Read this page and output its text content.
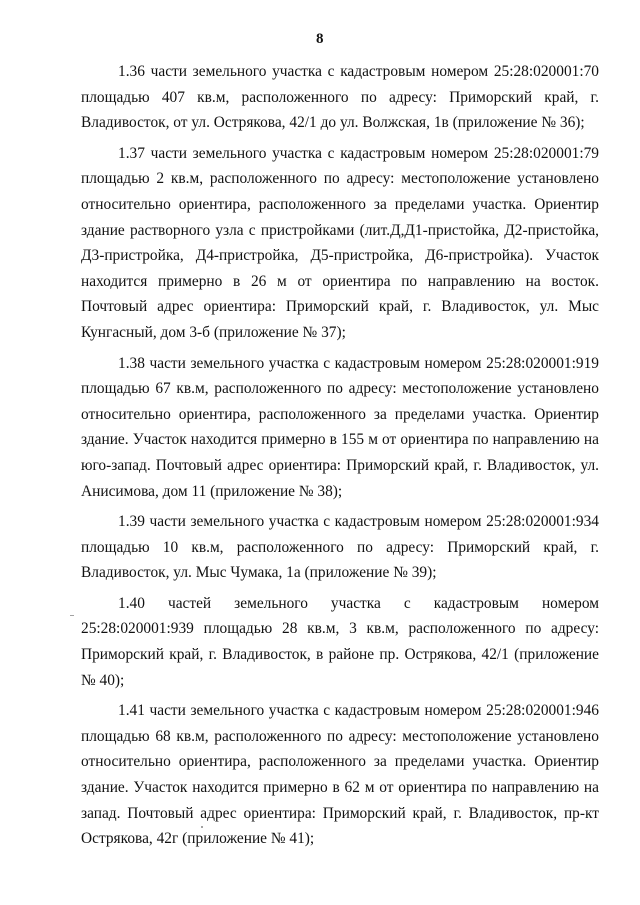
8

1.36 части земельного участка с кадастровым номером 25:28:020001:70 площадью 407 кв.м, расположенного по адресу: Приморский край, г. Владивосток, от ул. Острякова, 42/1 до ул. Волжская, 1в (приложение № 36);

1.37 части земельного участка с кадастровым номером 25:28:020001:79 площадью 2 кв.м, расположенного по адресу: местоположение установлено относительно ориентира, расположенного за пределами участка. Ориентир здание растворного узла с пристройками (лит.Д,Д1-пристойка, Д2-пристойка, Д3-пристройка, Д4-пристройка, Д5-пристройка, Д6-пристройка). Участок находится примерно в 26 м от ориентира по направлению на восток. Почтовый адрес ориентира: Приморский край, г. Владивосток, ул. Мыс Кунгасный, дом 3-б (приложение № 37);

1.38 части земельного участка с кадастровым номером 25:28:020001:919 площадью 67 кв.м, расположенного по адресу: местоположение установлено относительно ориентира, расположенного за пределами участка. Ориентир здание. Участок находится примерно в 155 м от ориентира по направлению на юго-запад. Почтовый адрес ориентира: Приморский край, г. Владивосток, ул. Анисимова, дом 11 (приложение № 38);

1.39 части земельного участка с кадастровым номером 25:28:020001:934 площадью 10 кв.м, расположенного по адресу: Приморский край, г. Владивосток, ул. Мыс Чумака, 1а (приложение № 39);

1.40 частей земельного участка с кадастровым номером 25:28:020001:939 площадью 28 кв.м, 3 кв.м, расположенного по адресу: Приморский край, г. Владивосток, в районе пр. Острякова, 42/1 (приложение № 40);

1.41 части земельного участка с кадастровым номером 25:28:020001:946 площадью 68 кв.м, расположенного по адресу: местоположение установлено относительно ориентира, расположенного за пределами участка. Ориентир здание. Участок находится примерно в 62 м от ориентира по направлению на запад. Почтовый адрес ориентира: Приморский край, г. Владивосток, пр-кт Острякова, 42г (приложение № 41);
